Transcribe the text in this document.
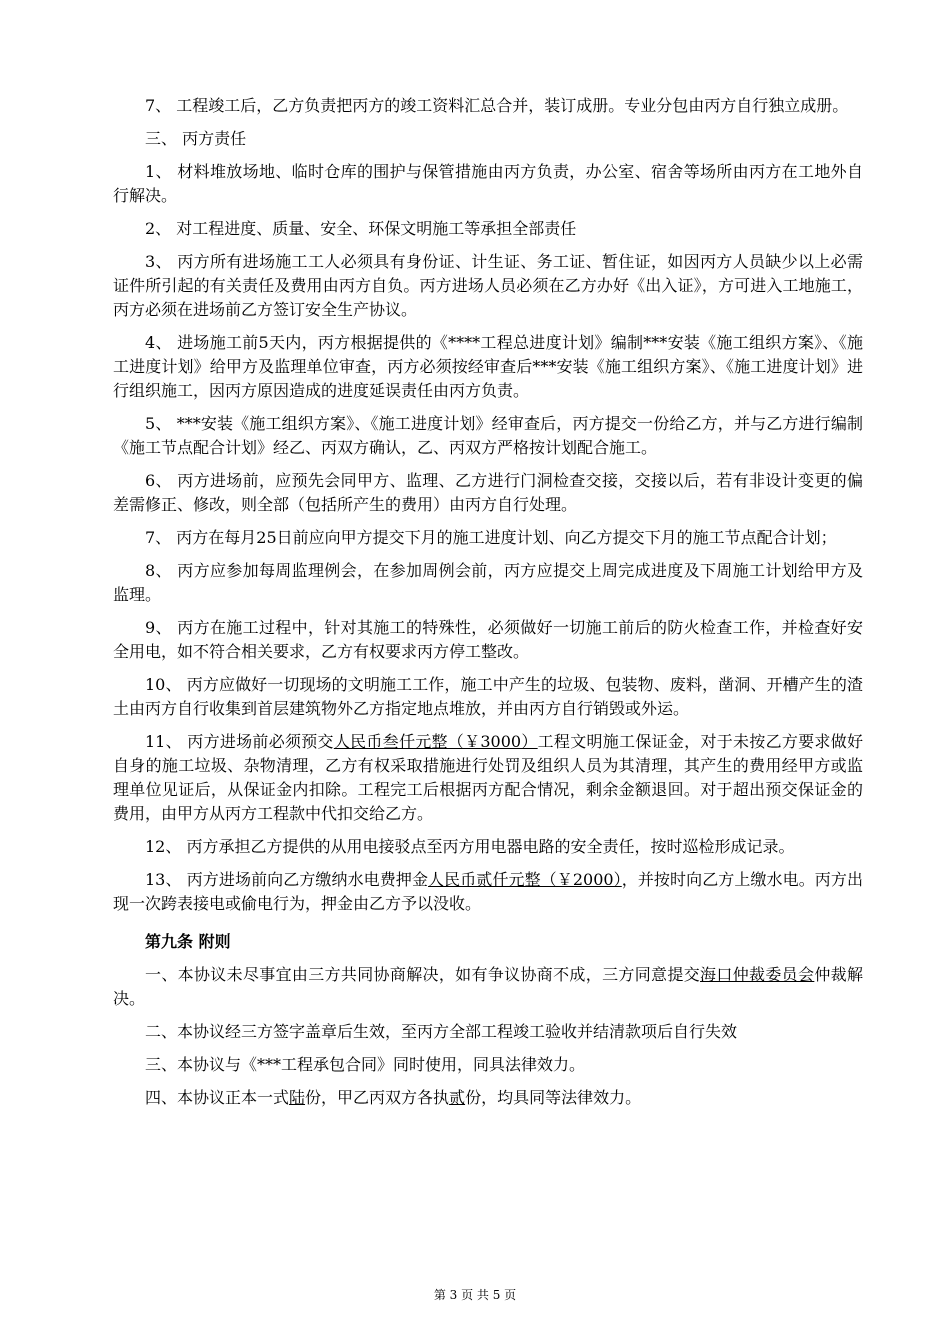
7、 工程竣工后，乙方负责把丙方的竣工资料汇总合并，装订成册。专业分包由丙方自行独立成册。

三、 丙方责任

1、 材料堆放场地、临时仓库的围护与保管措施由丙方负责，办公室、宿舍等场所由丙方在工地外自行解决。

2、 对工程进度、质量、安全、环保文明施工等承担全部责任

3、 丙方所有进场施工工人必须具有身份证、计生证、务工证、暂住证，如因丙方人员缺少以上必需证件所引起的有关责任及费用由丙方自负。丙方进场人员必须在乙方办好《出入证》，方可进入工地施工，丙方必须在进场前乙方签订安全生产协议。

4、 进场施工前5天内，丙方根据提供的《****工程总进度计划》编制***安装《施工组织方案》、《施工进度计划》给甲方及监理单位审查，丙方必须按经审查后***安装《施工组织方案》、《施工进度计划》进行组织施工，因丙方原因造成的进度延误责任由丙方负责。

5、 ***安装《施工组织方案》、《施工进度计划》经审查后，丙方提交一份给乙方，并与乙方进行编制《施工节点配合计划》经乙、丙双方确认，乙、丙双方严格按计划配合施工。

6、 丙方进场前，应预先会同甲方、监理、乙方进行门洞检查交接，交接以后，若有非设计变更的偏差需修正、修改，则全部（包括所产生的费用）由丙方自行处理。

7、 丙方在每月25日前应向甲方提交下月的施工进度计划、向乙方提交下月的施工节点配合计划；

8、 丙方应参加每周监理例会，在参加周例会前，丙方应提交上周完成进度及下周施工计划给甲方及监理。

9、 丙方在施工过程中，针对其施工的特殊性，必须做好一切施工前后的防火检查工作，并检查好安全用电，如不符合相关要求，乙方有权要求丙方停工整改。

10、 丙方应做好一切现场的文明施工工作，施工中产生的垃圾、包装物、废料，凿洞、开槽产生的渣土由丙方自行收集到首层建筑物外乙方指定地点堆放，并由丙方自行销毁或外运。

11、 丙方进场前必须预交人民币叁仟元整（￥3000）工程文明施工保证金，对于未按乙方要求做好自身的施工垃圾、杂物清理，乙方有权采取措施进行处罚及组织人员为其清理，其产生的费用经甲方或监理单位见证后，从保证金内扣除。工程完工后根据丙方配合情况，剩余金额退回。对于超出预交保证金的费用，由甲方从丙方工程款中代扣交给乙方。

12、 丙方承担乙方提供的从用电接驳点至丙方用电器电路的安全责任，按时巡检形成记录。

13、 丙方进场前向乙方缴纳水电费押金人民币贰仟元整（￥2000），并按时向乙方上缴水电。丙方出现一次跨表接电或偷电行为，押金由乙方予以没收。

第九条 附则

一、本协议未尽事宜由三方共同协商解决，如有争议协商不成，三方同意提交海口仲裁委员会仲裁解决。

二、本协议经三方签字盖章后生效，至丙方全部工程竣工验收并结清款项后自行失效

三、本协议与《***工程承包合同》同时使用，同具法律效力。

四、本协议正本一式陆份，甲乙丙双方各执贰份，均具同等法律效力。

第 3 页 共 5 页
